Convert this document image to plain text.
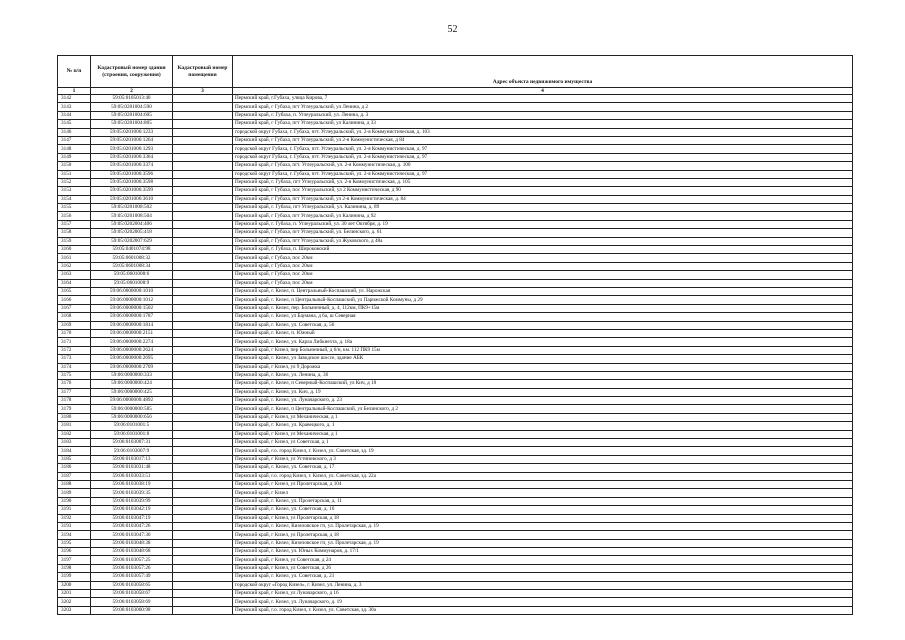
52
№ п/п	Кадастровый номер здания (строения, сооружения)	Кадастровый номер помещения	Адрес объекта недвижимого имущества
1	2	3	4
3142	59:05:0105013:40		Пермский край, г.Губаха, улица Кирова, 7
3143	59:05:0201004:590		Пермский край, г Губаха, пгт Углеуральский, ул Ленина, д 2
3144	59:05:0201004:605		Пермский край, г. Губаха, п. Углеуральский, ул. Ленина, д. 3
3145	59:05:0201004:805		Пермский край, г Губаха, пгт Углеуральский, ул Калинина, д 33
3146	59:05:0201006:1233		городской округ Губаха, г. Губаха, пгт. Углеуральский, ул. 2-я Коммунистическая, д. 103
3147	59:05:0201006:1264		Пермский край, г Губаха, пгт Углеуральский, ул 2-я Коммунистическая, д 84
3148	59:05:0201006:1293		городской округ Губаха, г. Губаха, пгт. Углеуральский, ул. 2-я Коммунистическая, д. 97
3149	59:05:0201006:3364		городской округ Губаха, г. Губаха, пгт. Углеуральский, ул. 2-я Коммунистическая, д. 97
3150	59:05:0201006:3374		Пермский край, г Губаха, пгт. Углеуральский, ул. 2-я Коммунистическая, д. 100
3151	59:05:0201006:3596		городской округ Губаха, г. Губаха, пгт. Углеуральский, ул. 2-я Коммунистическая, д. 97
3152	59:05:0201006:3598		Пермский край, г. Губаха, пгт Углеуральский, ул. 2-я Коммунистическая, д. 105
3153	59:05:0201006:3599		Пермский край, г Губаха, пос Углеуральский, ул 2 Коммунистическая, д 90
3154	59:05:0201006:3610		Пермский край, г Губаха, пгт Углеуральский, ул 2-я Коммунистическая, д. 84
3155	59:05:0201008:502		Пермский край, г. Губаха, пгт Углеуральский, ул. Калинина, д. 89
3156	59:05:0201008:504		Пермский край, г Губаха, пгт Углеуральский, ул Калинина, д 92
3157	59:05:0202004:406		Пермский край, г. Губаха, п. Углеуральский, ул. 30 лет Октября, д. 19
3158	59:05:0202005:418		Пермский край, г Губаха, пгт Углеуральский, ул. Белинского, д. 61
3159	59:05:0202007:629		Пермский край, г Губаха, пгт Углеуральский, ул Жуковского, д 48а
3160	59:05:0401074:98		Пермский край, г. Губаха, п. Широковский
3161	59:05:0601008:32		Пермский край, г Губаха, пос 20км
3162	59:05:0601008:34		Пермский край, г Губаха, пос 20км
3163	59:05:0601008:6		Пермский край, г Губаха, пос 20км
3164	59:05:0601008:9		Пермский край, г Губаха, пос 20км
3165	59:06:0000000:1010		Пермский край, г. Кизел, п. Центральный-Коспашский, ул. Нарожская
3166	59:06:0000000:1012		Пермский край, г. Кизел, п Центральный-Коспашский, ул Парижской Коммуны, д 29
3167	59:06:0000000:1502		Пермский край, г. Кизел, пер. Больничный, д. 4, 112км, ПК9+15м
3168	59:06:0000000:1787		Пермский край, г. Кизел, ул Бауманa, д 6а, ш Северная
3169	59:06:0000000:1814		Пермский край, г. Кизел, ул. Советская, д. 56
3170	59:06:0000000:2151		Пермский край, г. Кизел, п. Южный
3171	59:06:0000000:2274		Пермский край, г. Кизел, ул. Карла Либкнехта, д. 18а
3172	59:06:0000000:2624		Пермский край, г Кизел, пер Больничный, д 6/н, км. 112 ПК9 15м
3173	59:06:0000000:2695		Пермский край, г. Кизел, ул Заводское шоссе, здание АБК
3174	59:06:0000000:2709		Пермский край, г Кизел, ул 9 Дорожка
3175	59:06:0000000:333		Пермский край, г. Кизел, ул. Ленина, д. 36
3176	59:06:0000000:424		Пермский край, г. Кизел, п Северный-Коспашский, ул Кич, д 18
3177	59:06:0000000:425		Пермский край, г. Кизел, ул. Кич, д. 19
3178	59:06:0000000:4892		Пермский край, г. Кизел, ул. Луначарского, д. 23
3179	59:06:0000000:585		Пермский край, г. Кизел, п Центральный-Коспашский, ул Белинского, д 2
3180	59:06:0000000:656		Пермский край, г Кизел, ул Механическая, д 1
3181	59:06:0101001:5		Пермский край, г. Кизел, ул. Кравецкого, д. 1
3182	59:06:0101001:8		Пермский край, г Кизел, ул Механическая, д 1
3183	59:06:0103007:31		Пермский край, г Кизел, ул Советская, д 1
3184	59:06:0103007:9		Пермский край, г.о. город Кизел, г. Кизел, ул. Советская, зд. 19
3185	59:06:0103017:13		Пермский край, г Кизел, ул Устиновского, д 3
3186	59:06:0103031:48		Пермский край, г. Кизел, ул. Советская, д. 17
3187	59:06:0103033:51		Пермский край, г.о. город Кизел, г. Кизел, ул. Советская, зд. 22а
3188	59:06:0103038:19		Пермский край, г Кизел, ул Пролетарская, д 104
3189	59:06:0103039:35		Пермский край, г Кизел
3190	59:06:0103039:99		Пермский край, г. Кизел, ул. Пролетарская, д. 11
3191	59:06:0103042:19		Пермский край, г. Кизел, ул. Советская, д. 16
3192	59:06:0103047:19		Пермский край, г Кизел, ул Пролетарская, д 18
3193	59:06:0103047:26		Пермский край, г. Кизел, Кизеловское гп, ул. Пролетарская, д. 19
3194	59:06:0103047:30		Пермский край, г Кизел, ул Пролетарская, д 18
3195	59:06:0103048:38		Пермский край, г. Кизел, Кизеловское гп, ул. Пролетарская, д. 19
3196	59:06:0103048:68		Пермский край, г. Кизел, ул. Юных Коммунаров, д. 17/1
3197	59:06:0103057:25		Пермский край, г Кизел, ул Советская, д 24
3198	59:06:0103057:26		Пермский край, г Кизел, ул Советская, д 26
3199	59:06:0103057:49		Пермский край, г. Кизел, ул. Советская, д. 21
3200	59:06:0103058:65		городской округ «Город Кизел», г. Кизел, ул. Ленина, д. 3
3201	59:06:0103058:67		Пермский край, г Кизел, ул Луначарского, д 16
3202	59:06:0103058:69		Пермский край, г. Кизел, ул. Луначарского, д. 19
3203	59:06:0103060:98		Пермский край, г.о. город Кизел, г. Кизел, ул. Советская, зд. 30а
